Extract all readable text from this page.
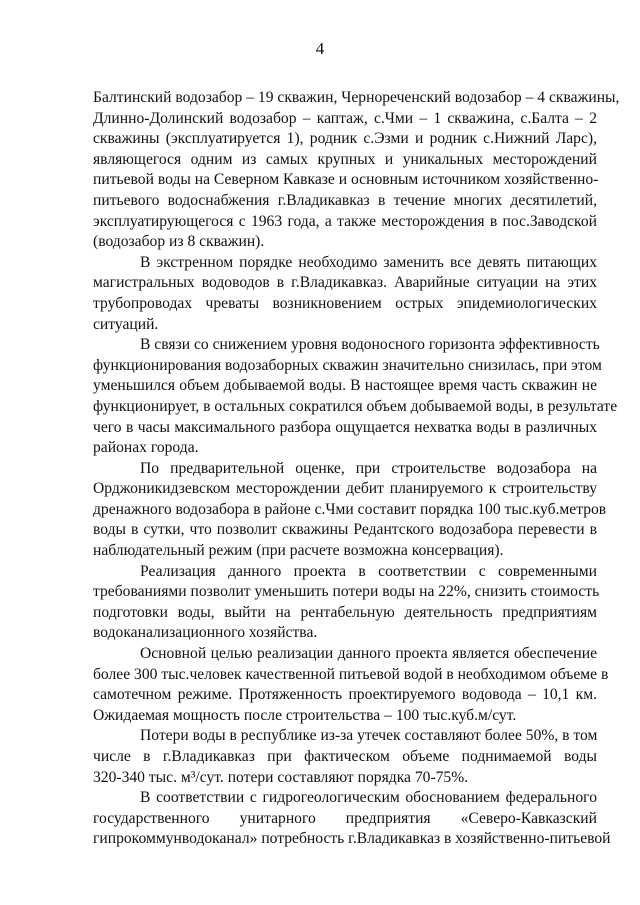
4

Балтинский водозабор – 19 скважин, Чернореченский водозабор – 4 скважины,
Длинно-Долинский водозабор – каптаж, с.Чми – 1 скважина, с.Балта – 2
скважины (эксплуатируется 1), родник с.Эзми и родник с.Нижний Ларс),
являющегося одним из самых крупных и уникальных месторождений
питьевой воды на Северном Кавказе и основным источником хозяйственно-
питьевого водоснабжения г.Владикавказ в течение многих десятилетий,
эксплуатирующегося с 1963 года, а также месторождения в пос.Заводской
(водозабор из 8 скважин).

В экстренном порядке необходимо заменить все девять питающих
магистральных водоводов в г.Владикавказ. Аварийные ситуации на этих
трубопроводах чреваты возникновением острых эпидемиологических
ситуаций.

В связи со снижением уровня водоносного горизонта эффективность
функционирования водозаборных скважин значительно снизилась, при этом
уменьшился объем добываемой воды. В настоящее время часть скважин не
функционирует, в остальных сократился объем добываемой воды, в результате
чего в часы максимального разбора ощущается нехватка воды в различных
районах города.

По предварительной оценке, при строительстве водозабора на
Орджоникидзевском месторождении дебит планируемого к строительству
дренажного водозабора в районе с.Чми составит порядка 100 тыс.куб.метров
воды в сутки, что позволит скважины Редантского водозабора перевести в
наблюдательный режим (при расчете возможна консервация).

Реализация данного проекта в соответствии с современными
требованиями позволит уменьшить потери воды на 22%, снизить стоимость
подготовки воды, выйти на рентабельную деятельность предприятиям
водоканализационного хозяйства.

Основной целью реализации данного проекта является обеспечение
более 300 тыс.человек качественной питьевой водой в необходимом объеме в
самотечном режиме. Протяженность проектируемого водовода – 10,1 км.
Ожидаемая мощность после строительства – 100 тыс.куб.м/сут.

Потери воды в республике из-за утечек составляют более 50%, в том
числе в г.Владикавказ при фактическом объеме поднимаемой воды
320-340 тыс. м³/сут. потери составляют порядка 70-75%.

В соответствии с гидрогеологическим обоснованием федерального
государственного унитарного предприятия «Северо-Кавказский
гипрокоммунводоканал» потребность г.Владикавказ в хозяйственно-питьевой
